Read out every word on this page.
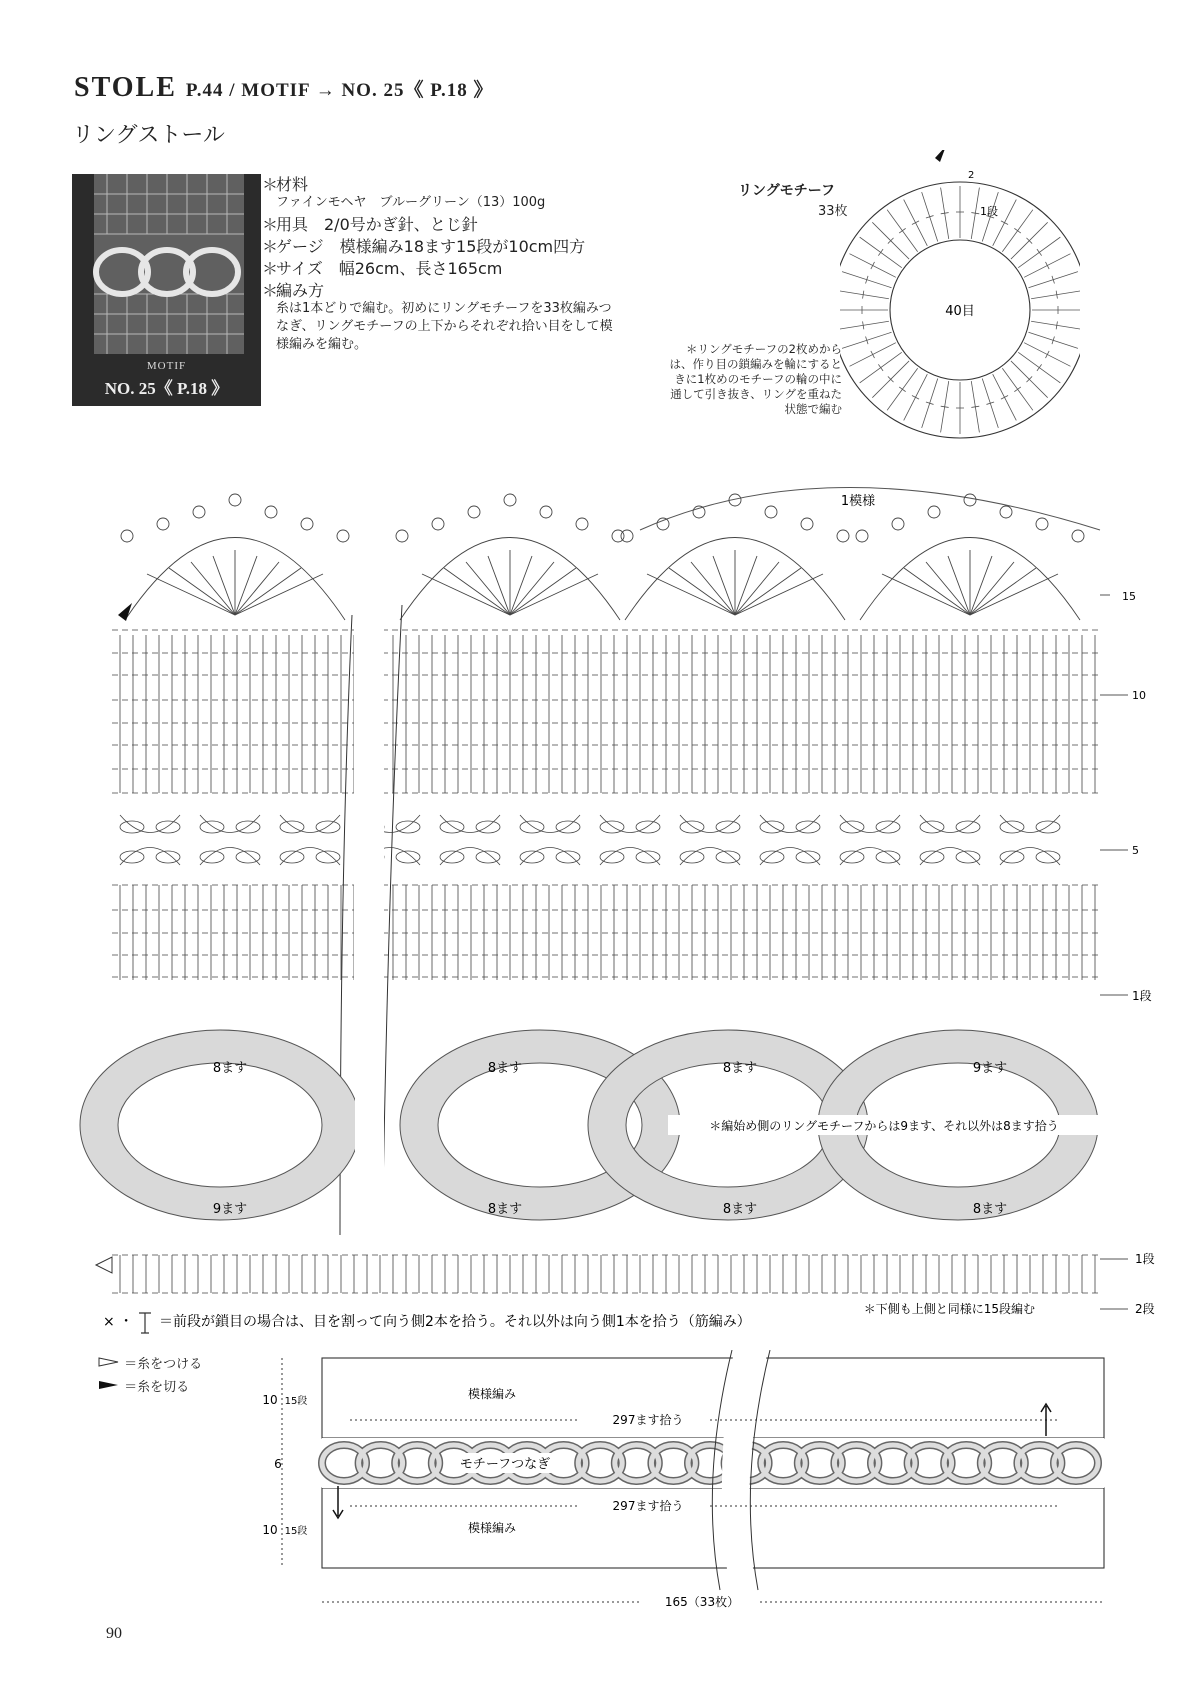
STOLE P.44 / MOTIF → NO. 25《 P.18 》
リングストール
MOTIF
NO. 25《 P.18 》
＊材料
ファインモヘヤ　ブルーグリーン（13）100g
＊用具　2/0号かぎ針、とじ針
＊ゲージ　模様編み18ます15段が10cm四方
＊サイズ　幅26cm、長さ165cm
＊編み方
糸は1本どりで編む。初めにリングモチーフを33枚編みつなぎ、リングモチーフの上下からそれぞれ拾い目をして模様編みを編む。
リングモチーフ
33枚
＊リングモチーフの2枚めからは、作り目の鎖編みを輪にするときに1枚めのモチーフの輪の中に通して引き抜き、リングを重ねた状態で編む
40目
2
1段
1模様
8ます	8ます	8ます	9ます
9ます	8ます	8ます	8ます
＊編始め側のリングモチーフからは9ます、それ以外は8ます拾う
15
10
5
1段
1段
2段
＊下側も上側と同様に15段編む
× ・ ＝前段が鎖目の場合は、目を割って向う側2本を拾う。それ以外は向う側1本を拾う（筋編み）
＝糸をつける
＝糸を切る	模様編み
模様編み
モチーフつなぎ
297ます拾う
297ます拾う
10 15段
6
10 15段
165（33枚）
90
